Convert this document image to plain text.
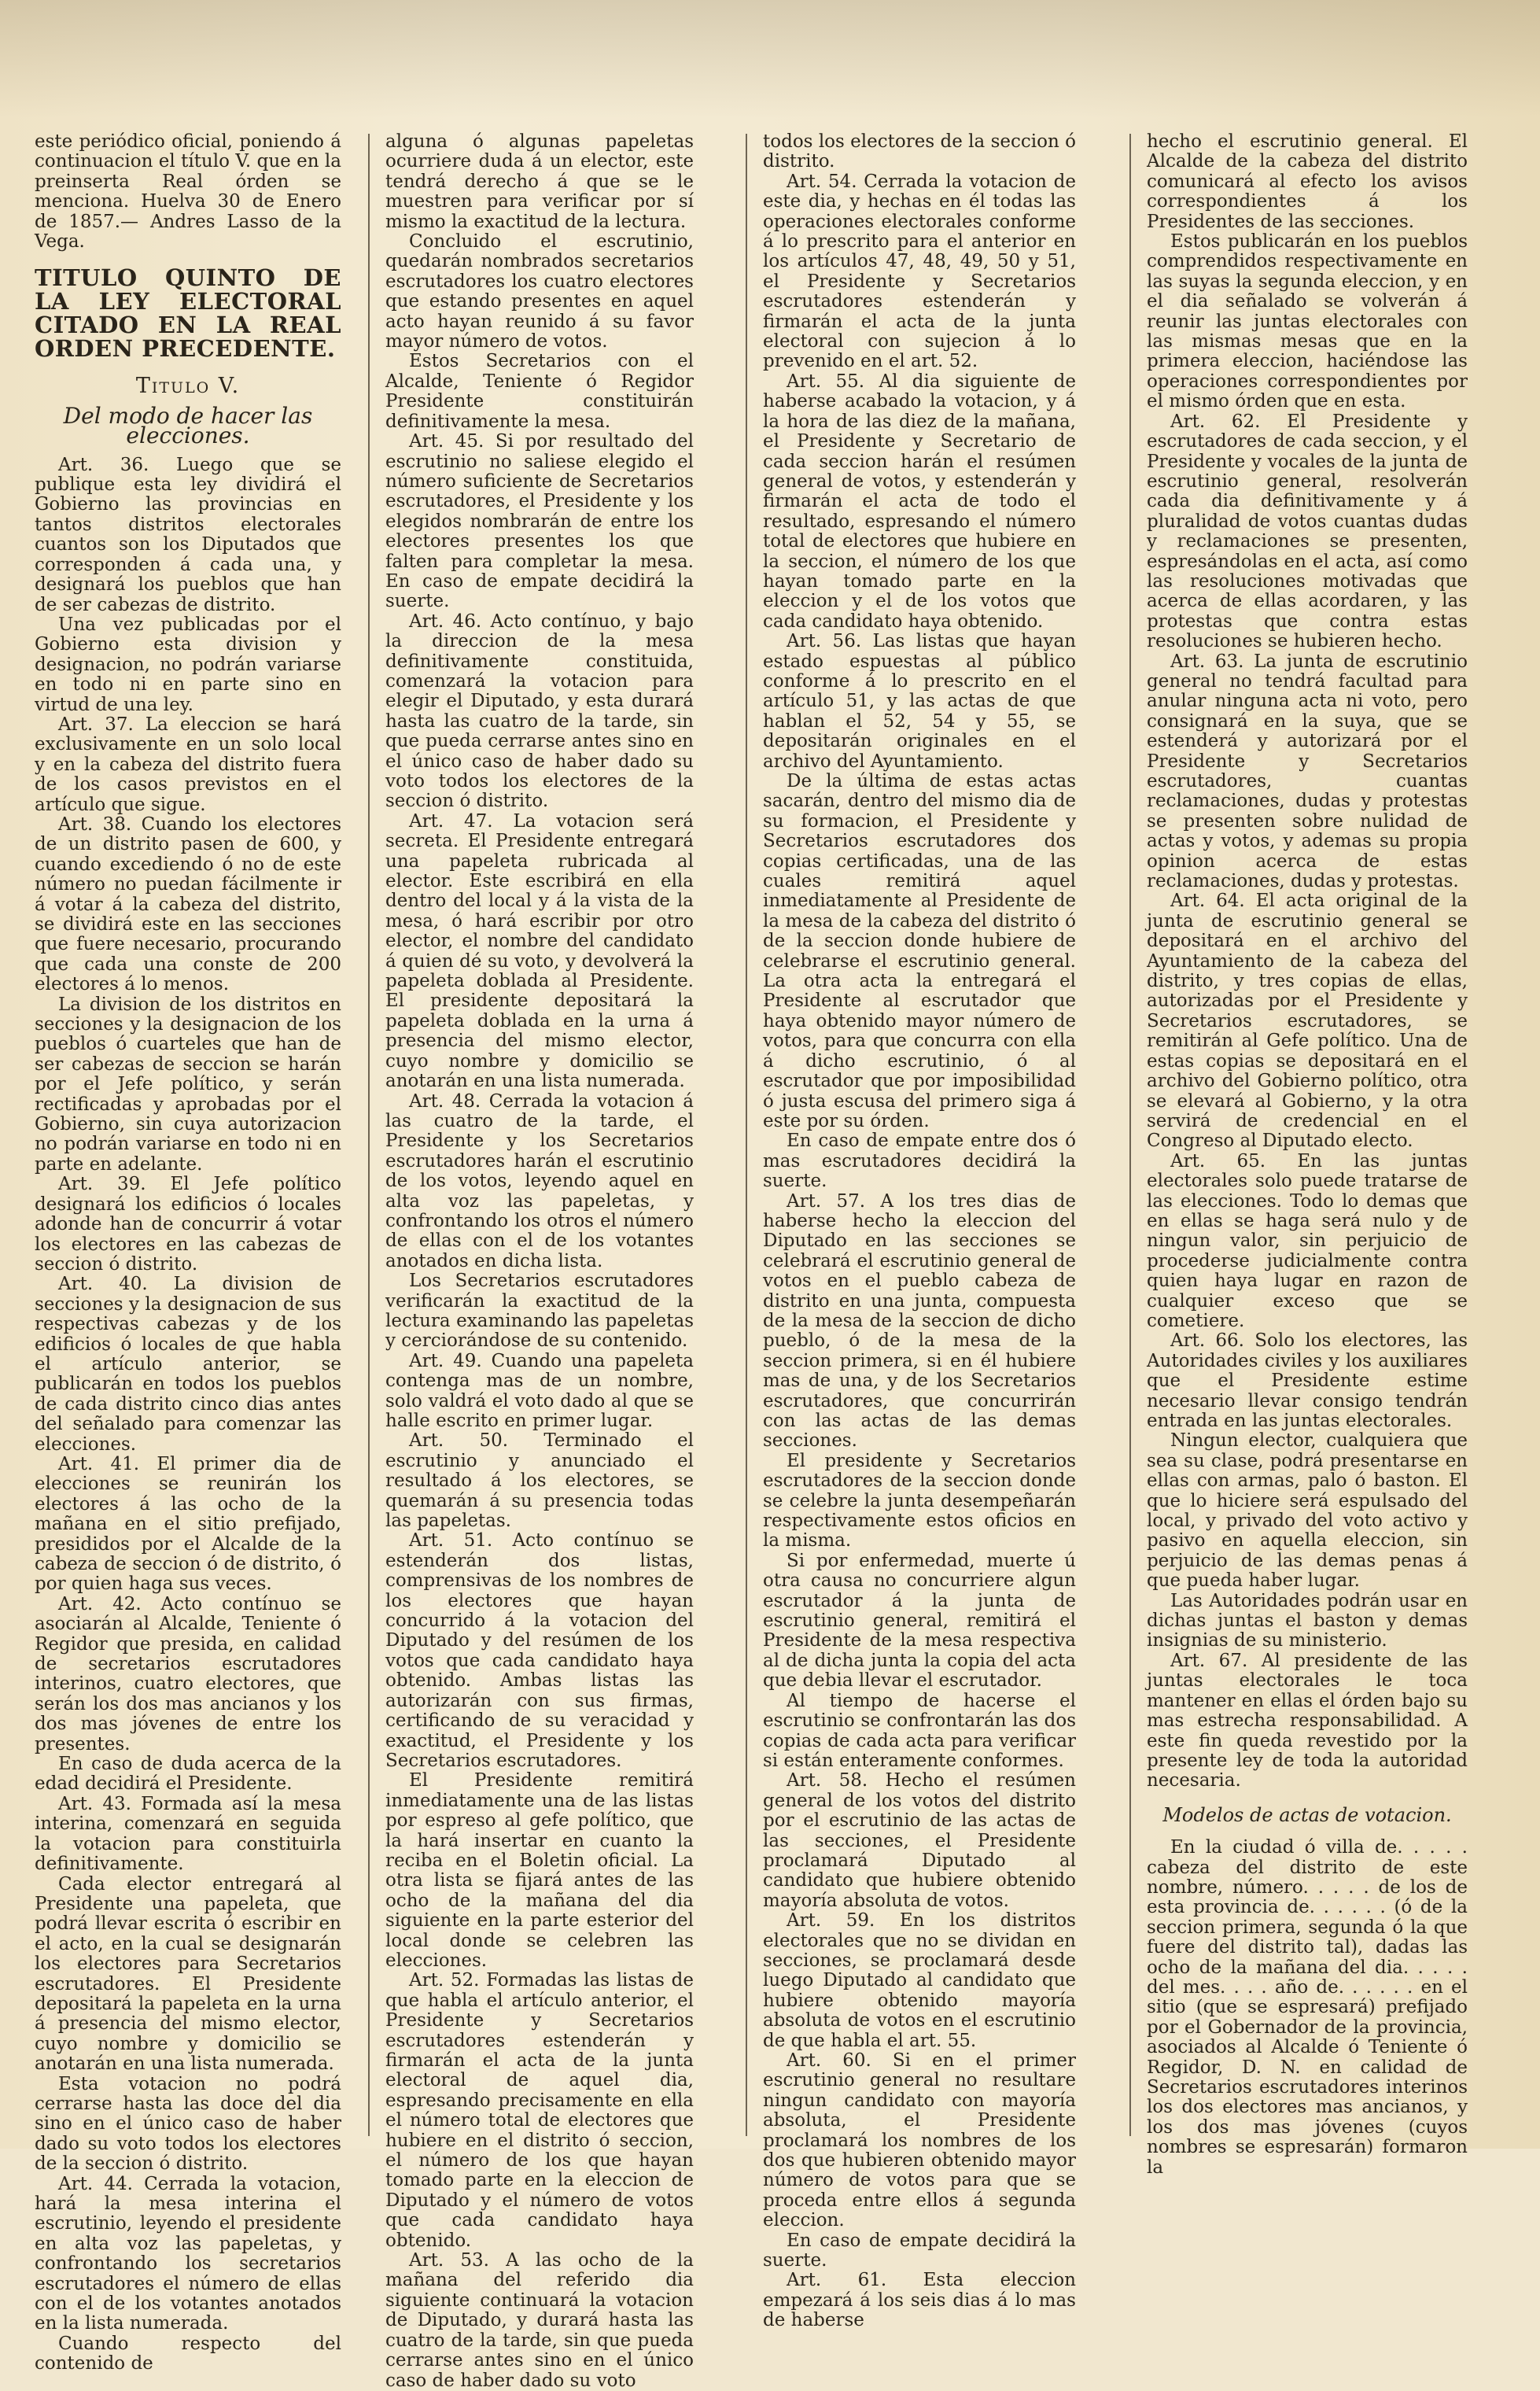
este periódico oficial, poniendo á continuacion el título V. que en la preinserta Real órden se menciona. Huelva 30 de Enero de 1857.— Andres Lasso de la Vega.

TITULO QUINTO DE LA LEY ELECTORAL CITADO EN LA REAL ORDEN PRECEDENTE.
Titulo V.
Del modo de hacer las elecciones.

Art. 36. Luego que se publique esta ley dividirá el Gobierno las provincias en tantos distritos electorales cuantos son los Diputados que corresponden á cada una, y designará los pueblos que han de ser cabezas de distrito.

Una vez publicadas por el Gobierno esta division y designacion, no podrán variarse en todo ni en parte sino en virtud de una ley.

Art. 37. La eleccion se hará exclusivamente en un solo local y en la cabeza del distrito fuera de los casos previstos en el artículo que sigue.

Art. 38. Cuando los electores de un distrito pasen de 600, y cuando excediendo ó no de este número no puedan fácilmente ir á votar á la cabeza del distrito, se dividirá este en las secciones que fuere necesario, procurando que cada una conste de 200 electores á lo menos.

La division de los distritos en secciones y la designacion de los pueblos ó cuarteles que han de ser cabezas de seccion se harán por el Jefe político, y serán rectificadas y aprobadas por el Gobierno, sin cuya autorizacion no podrán variarse en todo ni en parte en adelante.

Art. 39. El Jefe político designará los edificios ó locales adonde han de concurrir á votar los electores en las cabezas de seccion ó distrito.

Art. 40. La division de secciones y la designacion de sus respectivas cabezas y de los edificios ó locales de que habla el artículo anterior, se publicarán en todos los pueblos de cada distrito cinco dias antes del señalado para comenzar las elecciones.

Art. 41. El primer dia de elecciones se reunirán los electores á las ocho de la mañana en el sitio prefijado, presididos por el Alcalde de la cabeza de seccion ó de distrito, ó por quien haga sus veces.

Art. 42. Acto contínuo se asociarán al Alcalde, Teniente ó Regidor que presida, en calidad de secretarios escrutadores interinos, cuatro electores, que serán los dos mas ancianos y los dos mas jóvenes de entre los presentes.

En caso de duda acerca de la edad decidirá el Presidente.

Art. 43. Formada así la mesa interina, comenzará en seguida la votacion para constituirla definitivamente.

Cada elector entregará al Presidente una papeleta, que podrá llevar escrita ó escribir en el acto, en la cual se designarán los electores para Secretarios escrutadores. El Presidente depositará la papeleta en la urna á presencia del mismo elector, cuyo nombre y domicilio se anotarán en una lista numerada.

Esta votacion no podrá cerrarse hasta las doce del dia sino en el único caso de haber dado su voto todos los electores de la seccion ó distrito.

Art. 44. Cerrada la votacion, hará la mesa interina el escrutinio, leyendo el presidente en alta voz las papeletas, y confrontando los secretarios escrutadores el número de ellas con el de los votantes anotados en la lista numerada.

Cuando respecto del contenido de

alguna ó algunas papeletas ocurriere duda á un elector, este tendrá derecho á que se le muestren para verificar por sí mismo la exactitud de la lectura.

Concluido el escrutinio, quedarán nombrados secretarios escrutadores los cuatro electores que estando presentes en aquel acto hayan reunido á su favor mayor número de votos.

Estos Secretarios con el Alcalde, Teniente ó Regidor Presidente constituirán definitivamente la mesa.

Art. 45. Si por resultado del escrutinio no saliese elegido el número suficiente de Secretarios escrutadores, el Presidente y los elegidos nombrarán de entre los electores presentes los que falten para completar la mesa. En caso de empate decidirá la suerte.

Art. 46. Acto contínuo, y bajo la direccion de la mesa definitivamente constituida, comenzará la votacion para elegir el Diputado, y esta durará hasta las cuatro de la tarde, sin que pueda cerrarse antes sino en el único caso de haber dado su voto todos los electores de la seccion ó distrito.

Art. 47. La votacion será secreta. El Presidente entregará una papeleta rubricada al elector. Este escribirá en ella dentro del local y á la vista de la mesa, ó hará escribir por otro elector, el nombre del candidato á quien dé su voto, y devolverá la papeleta doblada al Presidente. El presidente depositará la papeleta doblada en la urna á presencia del mismo elector, cuyo nombre y domicilio se anotarán en una lista numerada.

Art. 48. Cerrada la votacion á las cuatro de la tarde, el Presidente y los Secretarios escrutadores harán el escrutinio de los votos, leyendo aquel en alta voz las papeletas, y confrontando los otros el número de ellas con el de los votantes anotados en dicha lista.

Los Secretarios escrutadores verificarán la exactitud de la lectura examinando las papeletas y cerciorándose de su contenido.

Art. 49. Cuando una papeleta contenga mas de un nombre, solo valdrá el voto dado al que se halle escrito en primer lugar.

Art. 50. Terminado el escrutinio y anunciado el resultado á los electores, se quemarán á su presencia todas las papeletas.

Art. 51. Acto contínuo se estenderán dos listas, comprensivas de los nombres de los electores que hayan concurrido á la votacion del Diputado y del resúmen de los votos que cada candidato haya obtenido. Ambas listas las autorizarán con sus firmas, certificando de su veracidad y exactitud, el Presidente y los Secretarios escrutadores.

El Presidente remitirá inmediatamente una de las listas por espreso al gefe político, que la hará insertar en cuanto la reciba en el Boletin oficial. La otra lista se fijará antes de las ocho de la mañana del dia siguiente en la parte esterior del local donde se celebren las elecciones.

Art. 52. Formadas las listas de que habla el artículo anterior, el Presidente y Secretarios escrutadores estenderán y firmarán el acta de la junta electoral de aquel dia, espresando precisamente en ella el número total de electores que hubiere en el distrito ó seccion, el número de los que hayan tomado parte en la eleccion de Diputado y el número de votos que cada candidato haya obtenido.

Art. 53. A las ocho de la mañana del referido dia siguiente continuará la votacion de Diputado, y durará hasta las cuatro de la tarde, sin que pueda cerrarse antes sino en el único caso de haber dado su voto

todos los electores de la seccion ó distrito.

Art. 54. Cerrada la votacion de este dia, y hechas en él todas las operaciones electorales conforme á lo prescrito para el anterior en los artículos 47, 48, 49, 50 y 51, el Presidente y Secretarios escrutadores estenderán y firmarán el acta de la junta electoral con sujecion á lo prevenido en el art. 52.

Art. 55. Al dia siguiente de haberse acabado la votacion, y á la hora de las diez de la mañana, el Presidente y Secretario de cada seccion harán el resúmen general de votos, y estenderán y firmarán el acta de todo el resultado, espresando el número total de electores que hubiere en la seccion, el número de los que hayan tomado parte en la eleccion y el de los votos que cada candidato haya obtenido.

Art. 56. Las listas que hayan estado espuestas al público conforme á lo prescrito en el artículo 51, y las actas de que hablan el 52, 54 y 55, se depositarán originales en el archivo del Ayuntamiento.

De la última de estas actas sacarán, dentro del mismo dia de su formacion, el Presidente y Secretarios escrutadores dos copias certificadas, una de las cuales remitirá aquel inmediatamente al Presidente de la mesa de la cabeza del distrito ó de la seccion donde hubiere de celebrarse el escrutinio general. La otra acta la entregará el Presidente al escrutador que haya obtenido mayor número de votos, para que concurra con ella á dicho escrutinio, ó al escrutador que por imposibilidad ó justa escusa del primero siga á este por su órden.

En caso de empate entre dos ó mas escrutadores decidirá la suerte.

Art. 57. A los tres dias de haberse hecho la eleccion del Diputado en las secciones se celebrará el escrutinio general de votos en el pueblo cabeza de distrito en una junta, compuesta de la mesa de la seccion de dicho pueblo, ó de la mesa de la seccion primera, si en él hubiere mas de una, y de los Secretarios escrutadores, que concurrirán con las actas de las demas secciones.

El presidente y Secretarios escrutadores de la seccion donde se celebre la junta desempeñarán respectivamente estos oficios en la misma.

Si por enfermedad, muerte ú otra causa no concurriere algun escrutador á la junta de escrutinio general, remitirá el Presidente de la mesa respectiva al de dicha junta la copia del acta que debia llevar el escrutador.

Al tiempo de hacerse el escrutinio se confrontarán las dos copias de cada acta para verificar si están enteramente conformes.

Art. 58. Hecho el resúmen general de los votos del distrito por el escrutinio de las actas de las secciones, el Presidente proclamará Diputado al candidato que hubiere obtenido mayoría absoluta de votos.

Art. 59. En los distritos electorales que no se dividan en secciones, se proclamará desde luego Diputado al candidato que hubiere obtenido mayoría absoluta de votos en el escrutinio de que habla el art. 55.

Art. 60. Si en el primer escrutinio general no resultare ningun candidato con mayoría absoluta, el Presidente proclamará los nombres de los dos que hubieren obtenido mayor número de votos para que se proceda entre ellos á segunda eleccion.

En caso de empate decidirá la suerte.

Art. 61. Esta eleccion empezará á los seis dias á lo mas de haberse

hecho el escrutinio general. El Alcalde de la cabeza del distrito comunicará al efecto los avisos correspondientes á los Presidentes de las secciones.

Estos publicarán en los pueblos comprendidos respectivamente en las suyas la segunda eleccion, y en el dia señalado se volverán á reunir las juntas electorales con las mismas mesas que en la primera eleccion, haciéndose las operaciones correspondientes por el mismo órden que en esta.

Art. 62. El Presidente y escrutadores de cada seccion, y el Presidente y vocales de la junta de escrutinio general, resolverán cada dia definitivamente y á pluralidad de votos cuantas dudas y reclamaciones se presenten, espresándolas en el acta, así como las resoluciones motivadas que acerca de ellas acordaren, y las protestas que contra estas resoluciones se hubieren hecho.

Art. 63. La junta de escrutinio general no tendrá facultad para anular ninguna acta ni voto, pero consignará en la suya, que se estenderá y autorizará por el Presidente y Secretarios escrutadores, cuantas reclamaciones, dudas y protestas se presenten sobre nulidad de actas y votos, y ademas su propia opinion acerca de estas reclamaciones, dudas y protestas.

Art. 64. El acta original de la junta de escrutinio general se depositará en el archivo del Ayuntamiento de la cabeza del distrito, y tres copias de ellas, autorizadas por el Presidente y Secretarios escrutadores, se remitirán al Gefe político. Una de estas copias se depositará en el archivo del Gobierno político, otra se elevará al Gobierno, y la otra servirá de credencial en el Congreso al Diputado electo.

Art. 65. En las juntas electorales solo puede tratarse de las elecciones. Todo lo demas que en ellas se haga será nulo y de ningun valor, sin perjuicio de procederse judicialmente contra quien haya lugar en razon de cualquier exceso que se cometiere.

Art. 66. Solo los electores, las Autoridades civiles y los auxiliares que el Presidente estime necesario llevar consigo tendrán entrada en las juntas electorales.

Ningun elector, cualquiera que sea su clase, podrá presentarse en ellas con armas, palo ó baston. El que lo hiciere será espulsado del local, y privado del voto activo y pasivo en aquella eleccion, sin perjuicio de las demas penas á que pueda haber lugar.

Las Autoridades podrán usar en dichas juntas el baston y demas insignias de su ministerio.

Art. 67. Al presidente de las juntas electorales le toca mantener en ellas el órden bajo su mas estrecha responsabilidad. A este fin queda revestido por la presente ley de toda la autoridad necesaria.

Modelos de actas de votacion.

En la ciudad ó villa de. . . . . cabeza del distrito de este nombre, número. . . . . de los de esta provincia de. . . . . . (ó de la seccion primera, segunda ó la que fuere del distrito tal), dadas las ocho de la mañana del dia. . . . . del mes. . . . año de. . . . . . en el sitio (que se espresará) prefijado por el Gobernador de la provincia, asociados al Alcalde ó Teniente ó Regidor, D. N. en calidad de Secretarios escrutadores interinos los dos electores mas ancianos, y los dos mas jóvenes (cuyos nombres se espresarán) formaron la
